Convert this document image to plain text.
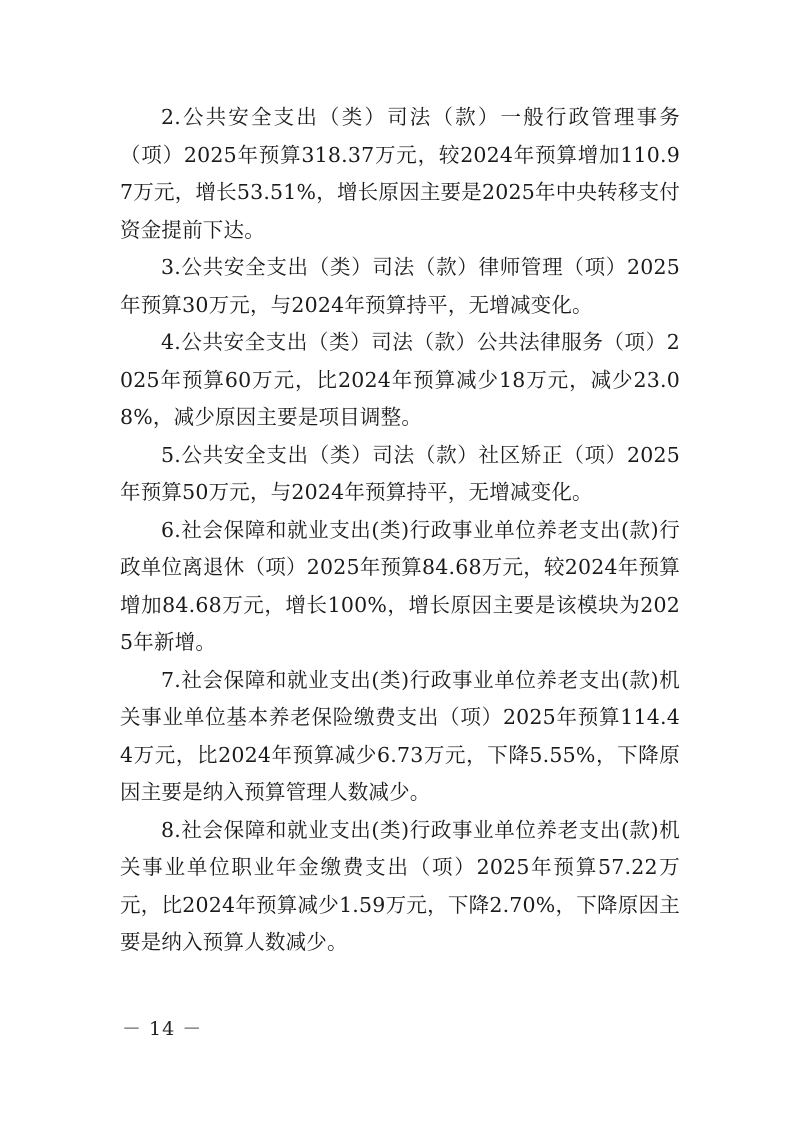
2.公共安全支出（类）司法（款）一般行政管理事务（项）2025年预算318.37万元，较2024年预算增加110.97万元，增长53.51%，增长原因主要是2025年中央转移支付资金提前下达。

3.公共安全支出（类）司法（款）律师管理（项）2025年预算30万元，与2024年预算持平，无增减变化。

4.公共安全支出（类）司法（款）公共法律服务（项）2025年预算60万元，比2024年预算减少18万元，减少23.08%，减少原因主要是项目调整。

5.公共安全支出（类）司法（款）社区矫正（项）2025年预算50万元，与2024年预算持平，无增减变化。

6.社会保障和就业支出(类)行政事业单位养老支出(款)行政单位离退休（项）2025年预算84.68万元，较2024年预算增加84.68万元，增长100%，增长原因主要是该模块为2025年新增。

7.社会保障和就业支出(类)行政事业单位养老支出(款)机关事业单位基本养老保险缴费支出（项）2025年预算114.44万元，比2024年预算减少6.73万元，下降5.55%，下降原因主要是纳入预算管理人数减少。

8.社会保障和就业支出(类)行政事业单位养老支出(款)机关事业单位职业年金缴费支出（项）2025年预算57.22万元，比2024年预算减少1.59万元，下降2.70%，下降原因主要是纳入预算人数减少。

－ 14 －
